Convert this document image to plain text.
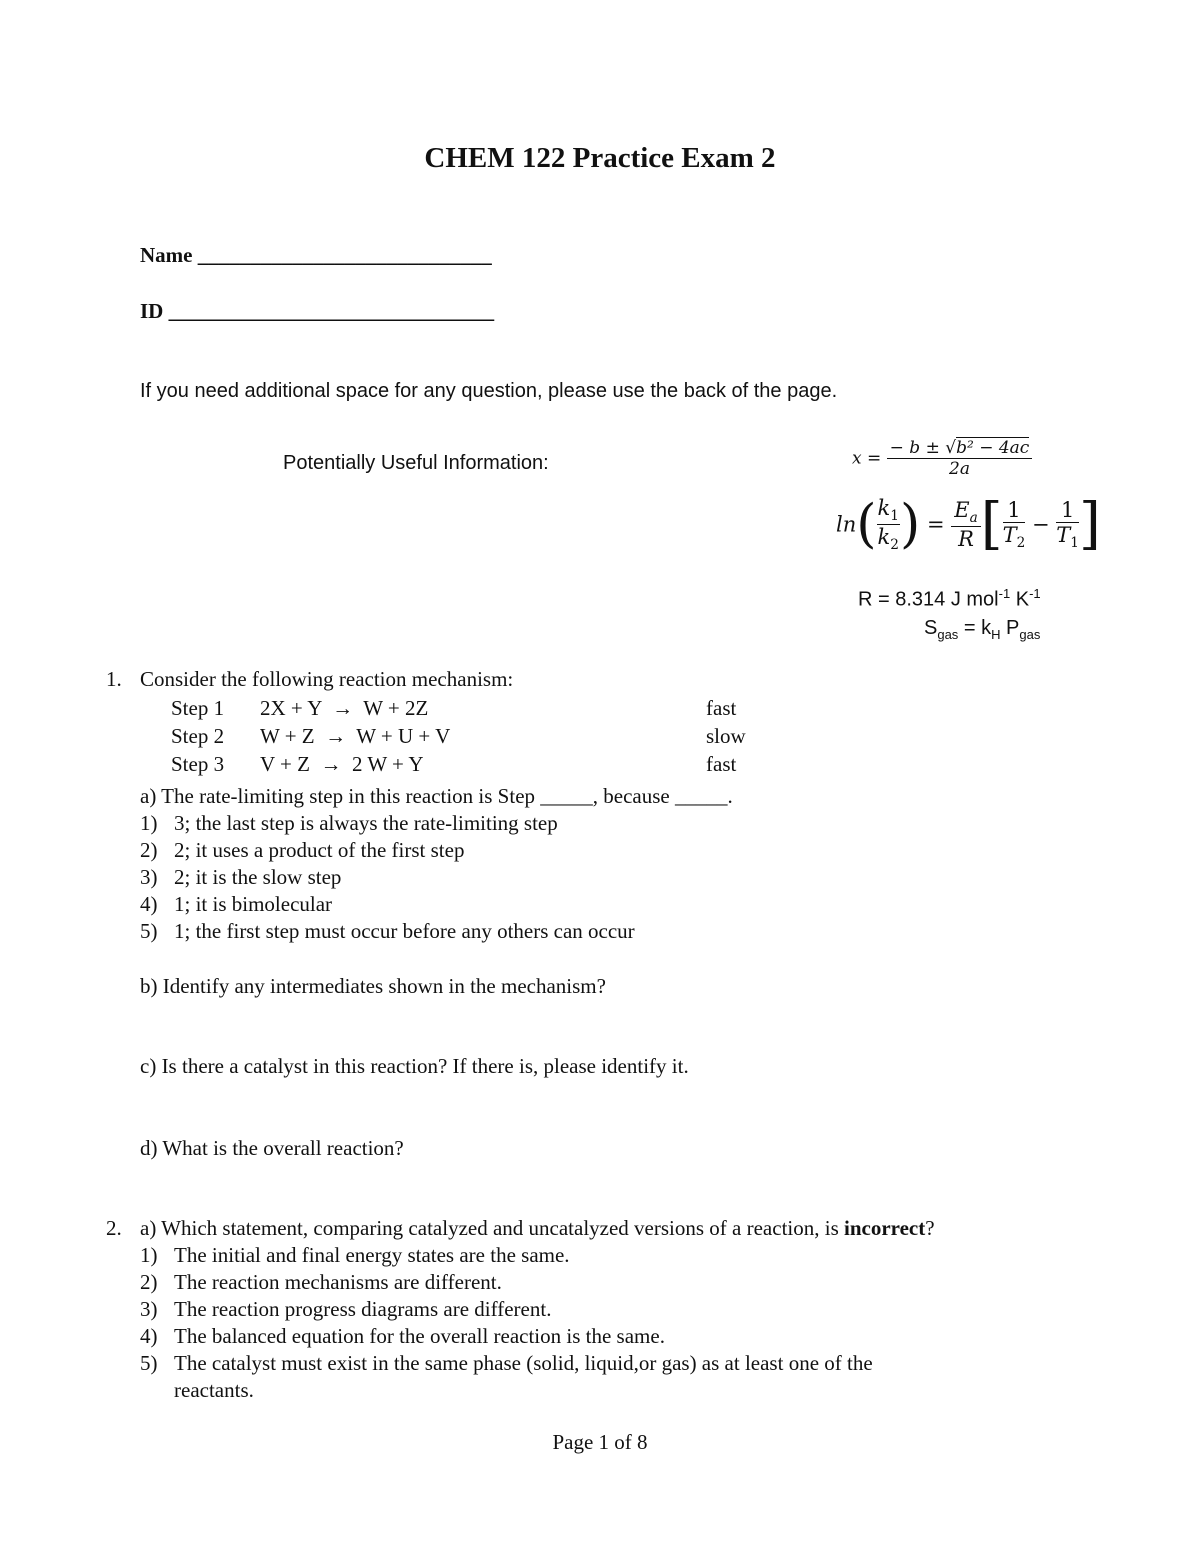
CHEM 122 Practice Exam 2
Name ____________________________
ID _______________________________
If you need additional space for any question, please use the back of the page.
Potentially Useful Information:	$x = \frac{\text{− b ± √b² − 4ac}}{2a}$
$\ln( \frac{k_1}{k_2}$ ) = $\frac{E_a}{R}$ [ $\frac{1}{T_2} - \frac{1}{T_1}$ ]
R = 8.314 J mol$^{-1}$ $K^{-1}$
$S_{gas} = k_H$ $P_{gas}$
1. Consider the following reaction mechanism:
Step 1 2X + Y  →  W + 2Z	fast
Step 2 W + Z  →  W + U + V	slow
Step 3 V + Z  →  2 W + Y	fast
a) The rate-limiting step in this reaction is Step _____, because _____.
1) 3; the last step is always the rate-limiting step
2) 2; it uses a product of the first step
3) 2; it is the slow step
4) 1; it is bimolecular
5) 1; the first step must occur before any others can occur
b) Identify any intermediates shown in the mechanism?
c) Is there a catalyst in this reaction? If there is, please identify it.
d) What is the overall reaction?
2. a) Which statement, comparing catalyzed and uncatalyzed versions of a reaction, is incorrect?
1) The initial and final energy states are the same.
2) The reaction mechanisms are different.
3) The reaction progress diagrams are different.
4) The balanced equation for the overall reaction is the same.
5) The catalyst must exist in the same phase (solid, liquid,or gas) as at least one of the
reactants.
Page 1 of 8
